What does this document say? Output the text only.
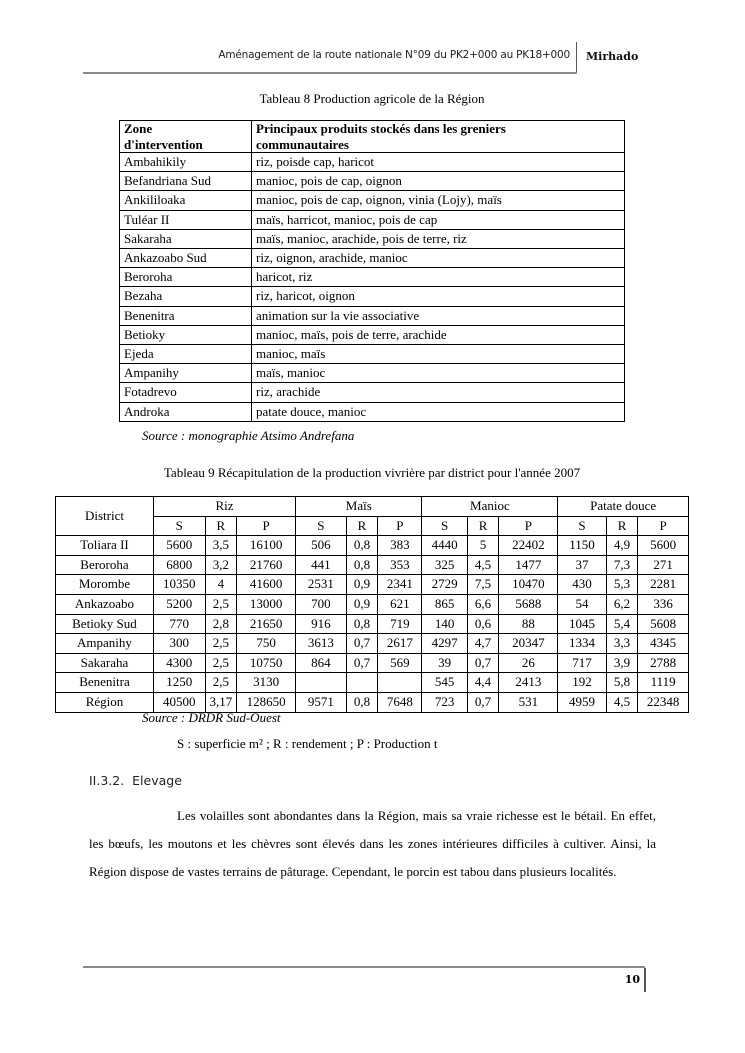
Aménagement de la route nationale N°09 du PK2+000 au PK18+000 Mirhado
Tableau 8 Production agricole de la Région
Zone
d'intervention	Principaux produits stockés dans les greniers
communautaires
Ambahikily	riz, poisde cap, haricot
Befandriana Sud	manioc, pois de cap, oignon
Ankililoaka	manioc, pois de cap, oignon, vinia (Lojy), maïs
Tuléar II	maïs, harricot, manioc, pois de cap
Sakaraha	maïs, manioc, arachide, pois de terre, riz
Ankazoabo Sud	riz, oignon, arachide, manioc
Beroroha	haricot, riz
Bezaha	riz, haricot, oignon
Benenitra	animation sur la vie associative
Betioky	manioc, maïs, pois de terre, arachide
Ejeda	manioc, maïs
Ampanihy	maïs, manioc
Fotadrevo	riz, arachide
Androka	patate douce, manioc
Source : monographie Atsimo Andrefana
Tableau 9 Récapitulation de la production vivrière par district pour l'année 2007
District	Riz			Maïs			Manioc			Patate douce		
	S	R	P	S	R	P	S	R	P	S	R	P
Toliara II	5600	3,5	16100	506	0,8	383	4440	5	22402	1150	4,9	5600
Beroroha	6800	3,2	21760	441	0,8	353	325	4,5	1477	37	7,3	271
Morombe	10350	4	41600	2531	0,9	2341	2729	7,5	10470	430	5,3	2281
Ankazoabo	5200	2,5	13000	700	0,9	621	865	6,6	5688	54	6,2	336
Betioky Sud	770	2,8	21650	916	0,8	719	140	0,6	88	1045	5,4	5608
Ampanihy	300	2,5	750	3613	0,7	2617	4297	4,7	20347	1334	3,3	4345
Sakaraha	4300	2,5	10750	864	0,7	569	39	0,7	26	717	3,9	2788
Benenitra	1250	2,5	3130				545	4,4	2413	192	5,8	1119
Région	40500	3,17	128650	9571	0,8	7648	723	0,7	531	4959	4,5	22348
Source : DRDR Sud-Ouest
S : superficie m² ; R : rendement ; P : Production t
II.3.2. Elevage
Les volailles sont abondantes dans la Région, mais sa vraie richesse est le bétail. En effet, les bœufs, les moutons et les chèvres sont élevés dans les zones intérieures difficiles à cultiver. Ainsi, la Région dispose de vastes terrains de pâturage. Cependant, le porcin est tabou dans plusieurs localités.
10
